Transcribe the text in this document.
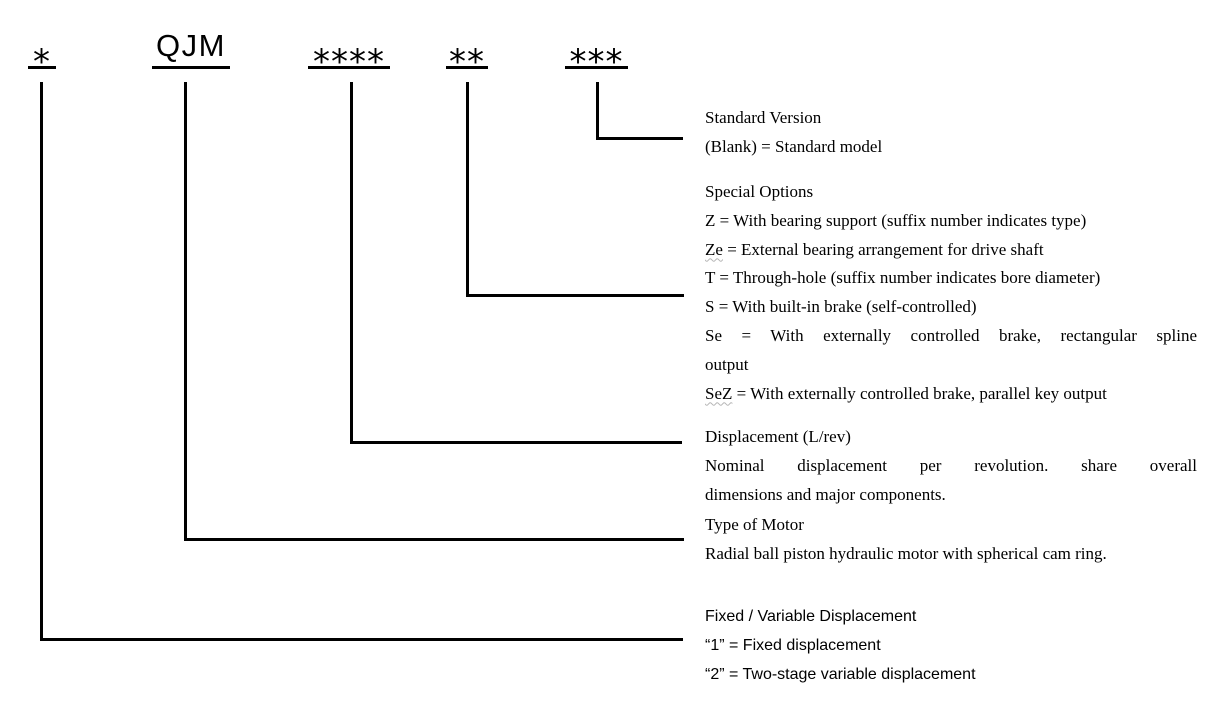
*	QJM	**** ** ***
Standard Version
(Blank) = Standard model
Special Options
Z = With bearing support (suffix number indicates type)
Ze = External bearing arrangement for drive shaft
T = Through-hole (suffix number indicates bore diameter)
S = With built-in brake (self-controlled)
Se = With externally controlled brake, rectangular spline
output
SeZ = With externally controlled brake, parallel key output
Displacement (L/rev)
Nominal displacement per revolution. share overall
dimensions and major components.
Type of Motor
Radial ball piston hydraulic motor with spherical cam ring.
Fixed / Variable Displacement
“1” = Fixed displacement
“2” = Two-stage variable displacement
